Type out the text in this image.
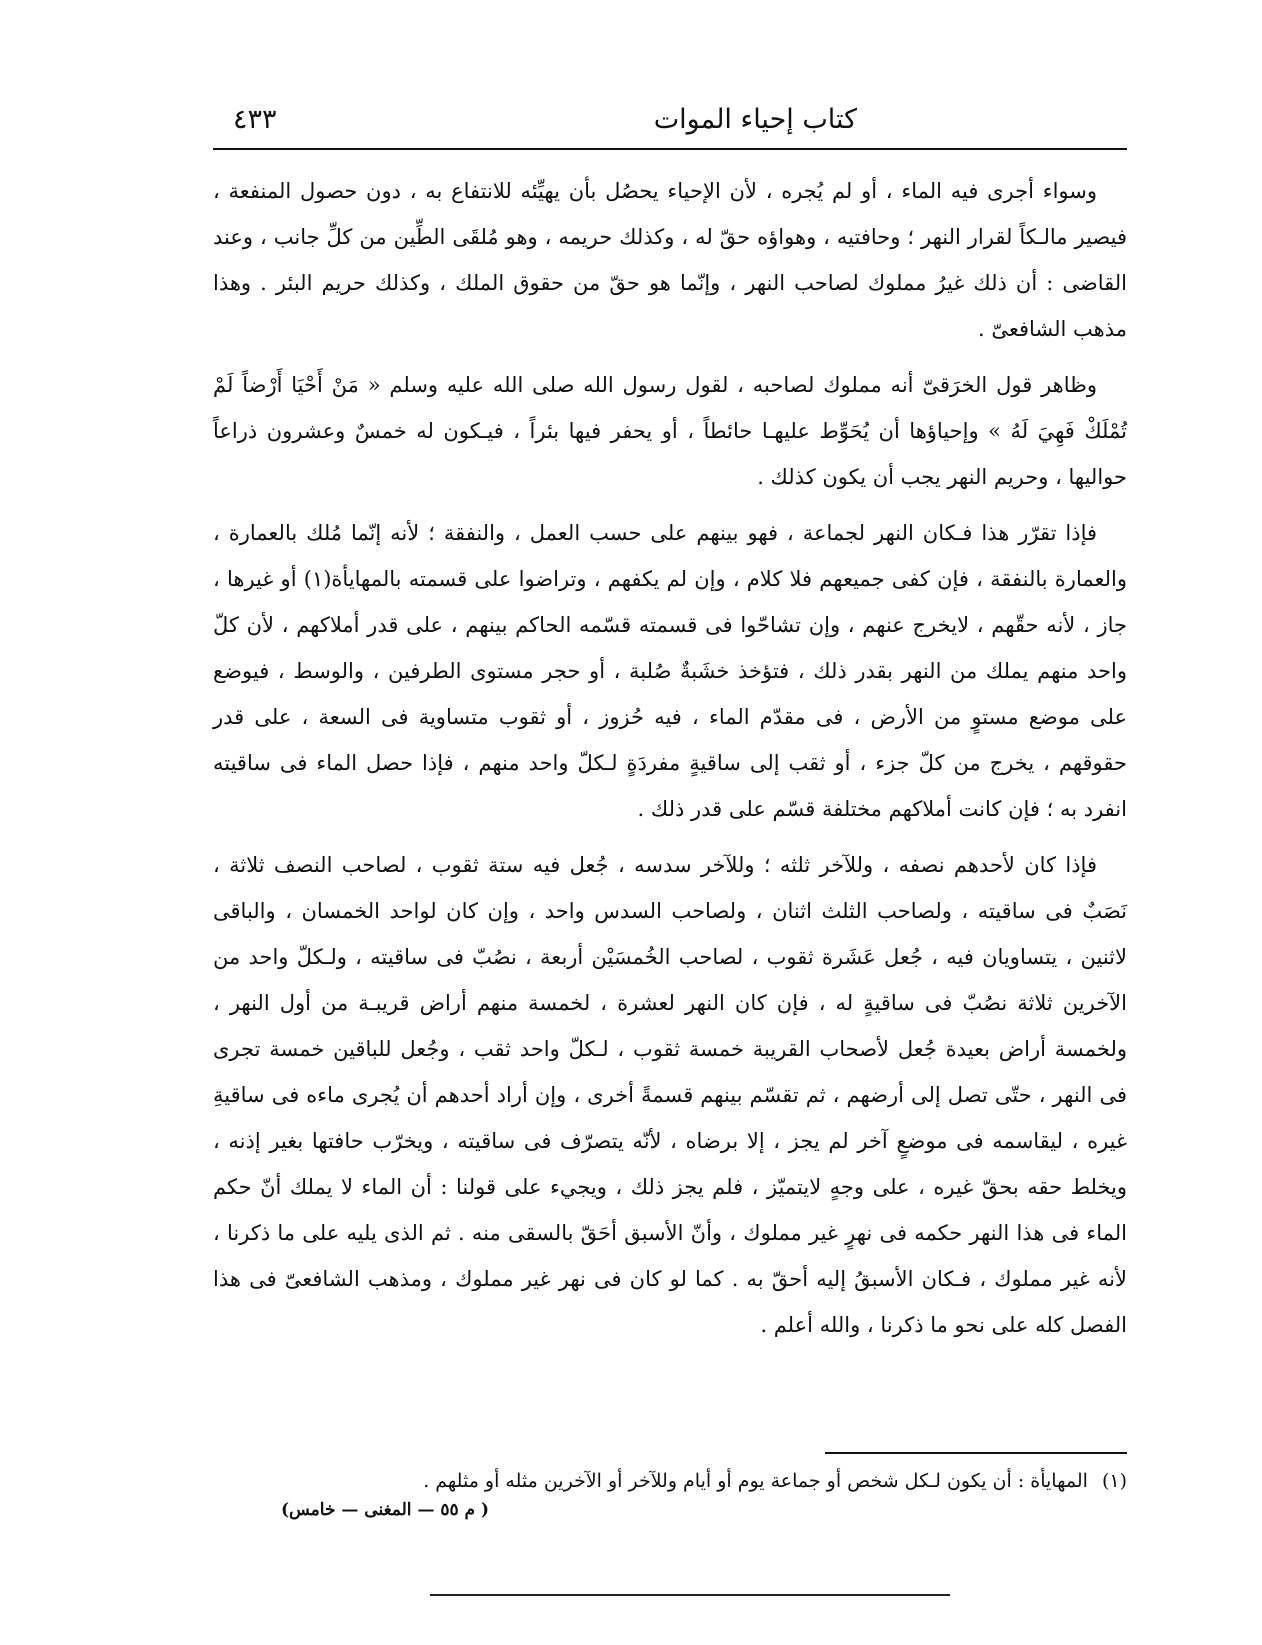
كتاب إحياء الموات
٤٣٣

وسواء أجرى فيه الماء ، أو لم يُجره ، لأن الإحياء يحصُل بأن يهيِّئه للانتفاع به ، دون حصول المنفعة ، فيصير مالـكاً لقرار النهر ؛ وحافتيه ، وهواؤه حقّ له ، وكذلك حريمه ، وهو مُلقَى الطِّين من كلِّ جانب ، وعند القاضى : أن ذلك غيرُ مملوك لصاحب النهر ، وإنّما هو حقّ من حقوق الملك ، وكذلك حريم البئر . وهذا مذهب الشافعىّ .

وظاهر قول الخرَقىّ أنه مملوك لصاحبه ، لقول رسول الله صلى الله عليه وسلم « مَنْ أَحْيَا أَرْضاً لَمْ تُمْلَكْ فَهِيَ لَهُ » وإحياؤها أن يُحَوِّط عليهـا حائطاً ، أو يحفر فيها بئراً ، فيـكون له خمسٌ وعشرون ذراعاً حواليها ، وحريم النهر يجب أن يكون كذلك .

فإذا تقرّر هذا فـكان النهر لجماعة ، فهو بينهم على حسب العمل ، والنفقة ؛ لأنه إنّما مُلك بالعمارة ، والعمارة بالنفقة ، فإن كفى جميعهم فلا كلام ، وإن لم يكفهم ، وتراضوا على قسمته بالمهايأة(١) أو غيرها ، جاز ، لأنه حقّهم ، لايخرج عنهم ، وإن تشاحّوا فى قسمته قسّمه الحاكم بينهم ، على قدر أملاكهم ، لأن كلّ واحد منهم يملك من النهر بقدر ذلك ، فتؤخذ خشَبةٌ صُلبة ، أو حجر مستوى الطرفين ، والوسط ، فيوضع على موضع مستوٍ من الأرض ، فى مقدّم الماء ، فيه حُزوز ، أو ثقوب متساوية فى السعة ، على قدر حقوقهم ، يخرج من كلّ جزء ، أو ثقب إلى ساقيةٍ مفردَةٍ لـكلّ واحد منهم ، فإذا حصل الماء فى ساقيته انفرد به ؛ فإن كانت أملاكهم مختلفة قسّم على قدر ذلك .

فإذا كان لأحدهم نصفه ، وللآخر ثلثه ؛ وللآخر سدسه ، جُعل فيه ستة ثقوب ، لصاحب النصف ثلاثة ، نَصَبٌ فى ساقيته ، ولصاحب الثلث اثنان ، ولصاحب السدس واحد ، وإن كان لواحد الخمسان ، والباقى لاثنين ، يتساويان فيه ، جُعل عَشَرة ثقوب ، لصاحب الخُمسَيْن أربعة ، نصُبّ فى ساقيته ، ولـكلّ واحد من الآخرين ثلاثة نصُبّ فى ساقيةٍ له ، فإن كان النهر لعشرة ، لخمسة منهم أراض قريبـة من أول النهر ، ولخمسة أراض بعيدة جُعل لأصحاب القريبة خمسة ثقوب ، لـكلّ واحد ثقب ، وجُعل للباقين خمسة تجرى فى النهر ، حتّى تصل إلى أرضهم ، ثم تقسّم بينهم قسمةً أخرى ، وإن أراد أحدهم أن يُجرى ماءه فى ساقيةِ غيره ، ليقاسمه فى موضعٍ آخر لم يجز ، إلا برضاه ، لأنّه يتصرّف فى ساقيته ، ويخرّب حافتها بغير إذنه ، ويخلط حقه بحقّ غيره ، على وجهٍ لايتميّز ، فلم يجز ذلك ، ويجيء على قولنا : أن الماء لا يملك أنّ حكم الماء فى هذا النهر حكمه فى نهرٍ غير مملوك ، وأنّ الأسبق أحَقّ بالسقى منه . ثم الذى يليه على ما ذكرنا ، لأنه غير مملوك ، فـكان الأسبقُ إليه أحقّ به . كما لو كان فى نهر غير مملوك ، ومذهب الشافعىّ فى هذا الفصل كله على نحو ما ذكرنا ، والله أعلم .

(١) المهايأة : أن يكون لـكل شخص أو جماعة يوم أو أيام وللآخر أو الآخرين مثله أو مثلهم .
( م ٥٥ — المغنى — خامس)
